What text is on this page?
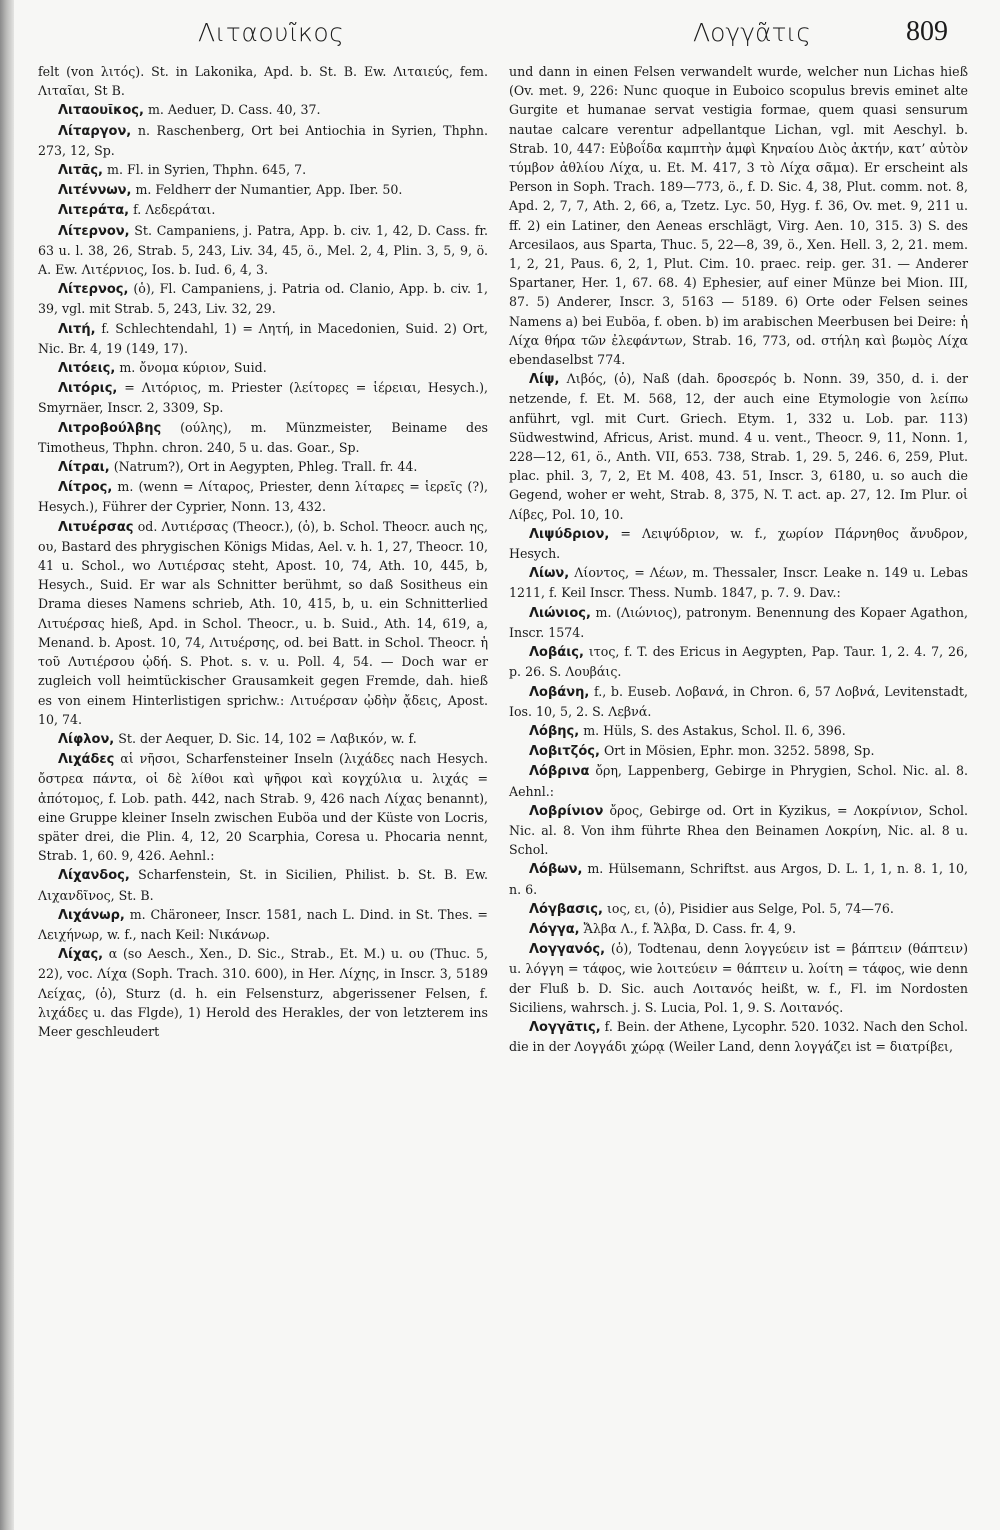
Λιταουῖκος	Λογγᾶτις	809

felt (von λιτός). St. in Lakonika, Apd. b. St. B. Ew. Λιταιεύς, fem. Λιταῖαι, St B.

Λιταουῖκος, m. Aeduer, D. Cass. 40, 37.

Λίταργον, n. Raschenberg, Ort bei Antiochia in Syrien, Thphn. 273, 12, Sp.

Λιτᾶς, m. Fl. in Syrien, Thphn. 645, 7.

Λιτέννων, m. Feldherr der Numantier, App. Iber. 50.

Λιτεράτα, f. Λεδεράται.

Λίτερνον, St. Campaniens, j. Patra, App. b. civ. 1, 42, D. Cass. fr. 63 u. l. 38, 26, Strab. 5, 243, Liv. 34, 45, ö., Mel. 2, 4, Plin. 3, 5, 9, ö. A. Ew. Λιτέρνιος, Ios. b. Iud. 6, 4, 3.

Λίτερνος, (ὁ), Fl. Campaniens, j. Patria od. Clanio, App. b. civ. 1, 39, vgl. mit Strab. 5, 243, Liv. 32, 29.

Λιτή, f. Schlechtendahl, 1) = Λητή, in Macedonien, Suid. 2) Ort, Nic. Br. 4, 19 (149, 17).

Λιτόεις, m. ὄνομα κύριον, Suid.

Λιτόρις, = Λιτόριος, m. Priester (λείτορες = ἱέρειαι, Hesych.), Smyrnäer, Inscr. 2, 3309, Sp.

Λιτροβούλβης (ούλης), m. Münzmeister, Beiname des Timotheus, Thphn. chron. 240, 5 u. das. Goar., Sp.

Λίτραι, (Natrum?), Ort in Aegypten, Phleg. Trall. fr. 44.

Λίτρος, m. (wenn = Λίταρος, Priester, denn λίταρες = ἱερεῖς (?), Hesych.), Führer der Cyprier, Nonn. 13, 432.

Λιτυέρσας od. Λυτιέρσας (Theocr.), (ὁ), b. Schol. Theocr. auch ης, ου, Bastard des phrygischen Königs Midas, Ael. v. h. 1, 27, Theocr. 10, 41 u. Schol., wo Λυτιέρσας steht, Apost. 10, 74, Ath. 10, 445, b, Hesych., Suid. Er war als Schnitter berühmt, so daß Sositheus ein Drama dieses Namens schrieb, Ath. 10, 415, b, u. ein Schnitterlied Λιτυέρσας hieß, Apd. in Schol. Theocr., u. b. Suid., Ath. 14, 619, a, Menand. b. Apost. 10, 74, Λιτυέρσης, od. bei Batt. in Schol. Theocr. ἡ τοῦ Λυτιέρσου ᾠδή. S. Phot. s. v. u. Poll. 4, 54. — Doch war er zugleich voll heimtückischer Grausamkeit gegen Fremde, dah. hieß es von einem Hinterlistigen sprichw.: Λιτυέρσαν ᾠδὴν ᾄδεις, Apost. 10, 74.

Λίφλον, St. der Aequer, D. Sic. 14, 102 = Λαβικόν, w. f.

Λιχάδες αἱ νῆσοι, Scharfensteiner Inseln (λιχάδες nach Hesych. ὄστρεα πάντα, οἱ δὲ λίθοι καὶ ψῆφοι καὶ κογχύλια u. λιχάς = ἀπότομος, f. Lob. path. 442, nach Strab. 9, 426 nach Λίχας benannt), eine Gruppe kleiner Inseln zwischen Euböa und der Küste von Locris, später drei, die Plin. 4, 12, 20 Scarphia, Coresa u. Phocaria nennt, Strab. 1, 60. 9, 426. Aehnl.:

Λίχανδος, Scharfenstein, St. in Sicilien, Philist. b. St. B. Ew. Λιχανδῖνος, St. B.

Λιχάνωρ, m. Chäroneer, Inscr. 1581, nach L. Dind. in St. Thes. = Λειχήνωρ, w. f., nach Keil: Νικάνωρ.

Λίχας, α (so Aesch., Xen., D. Sic., Strab., Et. M.) u. ου (Thuc. 5, 22), voc. Λίχα (Soph. Trach. 310. 600), in Her. Λίχης, in Inscr. 3, 5189 Λείχας, (ὁ), Sturz (d. h. ein Felsensturz, abgerissener Felsen, f. λιχάδες u. das Flgde), 1) Herold des Herakles, der von letzterem ins Meer geschleudert

und dann in einen Felsen verwandelt wurde, welcher nun Lichas hieß (Ov. met. 9, 226: Nunc quoque in Euboico scopulus brevis eminet alte Gurgite et humanae servat vestigia formae, quem quasi sensurum nautae calcare verentur adpellantque Lichan, vgl. mit Aeschyl. b. Strab. 10, 447: Εὐβοΐδα καμπτὴν ἀμφὶ Κηναίου Διὸς ἀκτήν, κατ’ αὐτὸν τύμβον ἀθλίου Λίχα, u. Et. M. 417, 3 τὸ Λίχα σᾶμα). Er erscheint als Person in Soph. Trach. 189—773, ö., f. D. Sic. 4, 38, Plut. comm. not. 8, Apd. 2, 7, 7, Ath. 2, 66, a, Tzetz. Lyc. 50, Hyg. f. 36, Ov. met. 9, 211 u. ff. 2) ein Latiner, den Aeneas erschlägt, Virg. Aen. 10, 315. 3) S. des Arcesilaos, aus Sparta, Thuc. 5, 22—8, 39, ö., Xen. Hell. 3, 2, 21. mem. 1, 2, 21, Paus. 6, 2, 1, Plut. Cim. 10. praec. reip. ger. 31. — Anderer Spartaner, Her. 1, 67. 68. 4) Ephesier, auf einer Münze bei Mion. III, 87. 5) Anderer, Inscr. 3, 5163 — 5189. 6) Orte oder Felsen seines Namens a) bei Euböa, f. oben. b) im arabischen Meerbusen bei Deire: ἡ Λίχα θήρα τῶν ἐλεφάντων, Strab. 16, 773, od. στήλη καὶ βωμὸς Λίχα ebendaselbst 774.

Λίψ, Λιβός, (ὁ), Naß (dah. δροσερός b. Nonn. 39, 350, d. i. der netzende, f. Et. M. 568, 12, der auch eine Etymologie von λείπω anführt, vgl. mit Curt. Griech. Etym. 1, 332 u. Lob. par. 113) Südwestwind, Africus, Arist. mund. 4 u. vent., Theocr. 9, 11, Nonn. 1, 228—12, 61, ö., Anth. VII, 653. 738, Strab. 1, 29. 5, 246. 6, 259, Plut. plac. phil. 3, 7, 2, Et M. 408, 43. 51, Inscr. 3, 6180, u. so auch die Gegend, woher er weht, Strab. 8, 375, N. T. act. ap. 27, 12. Im Plur. οἱ Λίβες, Pol. 10, 10.

Λιψύδριον, = Λειψύδριον, w. f., χωρίον Πάρνηθος ἄνυδρον, Hesych.

Λίων, Λίοντος, = Λέων, m. Thessaler, Inscr. Leake n. 149 u. Lebas 1211, f. Keil Inscr. Thess. Numb. 1847, p. 7. 9. Dav.:

Λιώνιος, m. (Λιώνιος), patronym. Benennung des Kopaer Agathon, Inscr. 1574.

Λοβάις, ιτος, f. T. des Ericus in Aegypten, Pap. Taur. 1, 2. 4. 7, 26, p. 26. S. Λουβάις.

Λοβάνη, f., b. Euseb. Λοβανά, in Chron. 6, 57 Λοβνά, Levitenstadt, Ios. 10, 5, 2. S. Λεβνά.

Λόβης, m. Hüls, S. des Astakus, Schol. Il. 6, 396.

Λοβιτζός, Ort in Mösien, Ephr. mon. 3252. 5898, Sp.

Λόβρινα ὄρη, Lappenberg, Gebirge in Phrygien, Schol. Nic. al. 8. Aehnl.:

Λοβρίνιον ὄρος, Gebirge od. Ort in Kyzikus, = Λοκρίνιον, Schol. Nic. al. 8. Von ihm führte Rhea den Beinamen Λοκρίνη, Nic. al. 8 u. Schol.

Λόβων, m. Hülsemann, Schriftst. aus Argos, D. L. 1, 1, n. 8. 1, 10, n. 6.

Λόγβασις, ιος, ει, (ὁ), Pisidier aus Selge, Pol. 5, 74—76.

Λόγγα, Ἄλβα Λ., f. Ἄλβα, D. Cass. fr. 4, 9.

Λογγανός, (ὁ), Todtenau, denn λογγεύειν ist = βάπτειν (θάπτειν) u. λόγγη = τάφος, wie λοιτεύειν = θάπτειν u. λοίτη = τάφος, wie denn der Fluß b. D. Sic. auch Λοιτανός heißt, w. f., Fl. im Nordosten Siciliens, wahrsch. j. S. Lucia, Pol. 1, 9. S. Λοιτανός.

Λογγᾶτις, f. Bein. der Athene, Lycophr. 520. 1032. Nach den Schol. die in der Λογγάδι χώρᾳ (Weiler Land, denn λογγάζει ist = διατρίβει,
